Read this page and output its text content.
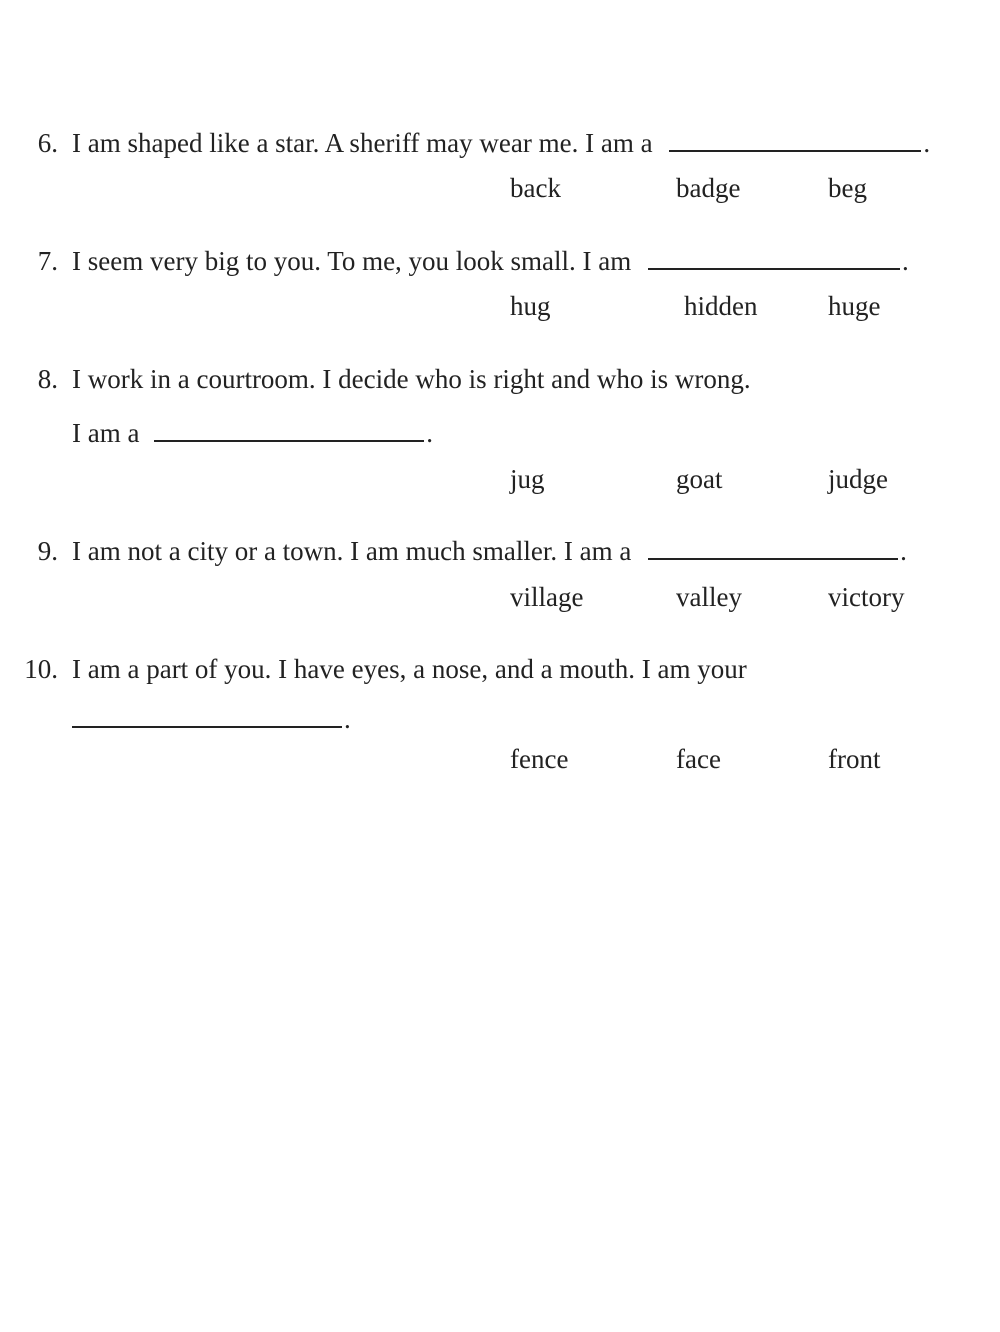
6. I am shaped like a star. A sheriff may wear me. I am a	.
back	badge	beg
7. I seem very big to you. To me, you look small. I am	.
hug	hidden	huge
8. I work in a courtroom. I decide who is right and who is wrong.
I am a	.
jug	goat	judge
9. I am not a city or a town. I am much smaller. I am a	.
village	valley	victory
10. I am a part of you. I have eyes, a nose, and a mouth. I am your
.
fence	face	front
